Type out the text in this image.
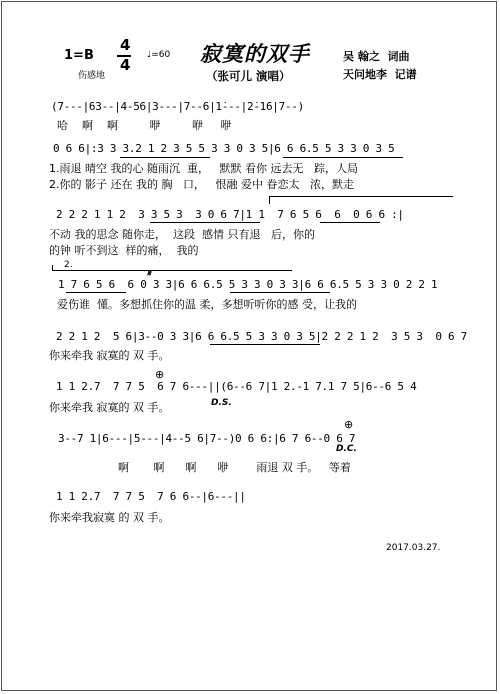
1=B
4
4
♩=60
伤感地
寂寞的双手
（张可儿 演唱）
吴 翰之  词曲
天问地李  记谱
(7---|6̇3--|4-56|3---|7--6|1̇---|2̇-1̇6|7--)
哈    啊    啊         咿         咿     咿
0 6 6|:3 3 3.2 1 2 3 5 5 3 3 0 3 5|6 6 6.5 5 3 3 0 3 5
1.雨退 晴空 我的心 随雨沉  重，   默默 看你 远去无   踪，人局
2.你的 影子 还在 我的 胸   口，   恨融 爱中 眷恋太   浓，默走
2 2 2 1 1 2  3 3 5 3  3 0 6 7|1 1  7 6 5 6  6  0 6 6 :|
不动 我的思念 随你走，  这段  感情 只有退   后，你的
的钟 听不到这  样的痛，  我的
2.
𝄋
1 7 6 5 6  6 0 3 3|6 6 6.5 5 3 3 0 3 3|6 6 6.5 5 3 3 0 2 2 1
爱伤谁  懂。多想抓住你的温 柔，多想听听你的感 受，让我的
2 2 1 2  5 6|3--0 3 3|6 6 6.5 5 3 3 0 3 5|2 2 2 1 2  3 5 3  0 6 7
你来牵我 寂寞的 双 手。
⊕
1 1 2.7  7 7 5  6 7 6---||(6--6 7|1 2.-1 7.1 7 5|6--6 5 4
你来牵我 寂寞的 双 手。	D.S.
⊕
3--7 1|6---|5---|4--5 6|7--)0 6 6:|6 7 6--0 6 7
D.C.
啊       啊      啊      咿        雨退 双 手。   等着
1 1 2.7  7 7 5  7 6 6--|6---||
你来牵我寂寞 的 双 手。
2017.03.27.
